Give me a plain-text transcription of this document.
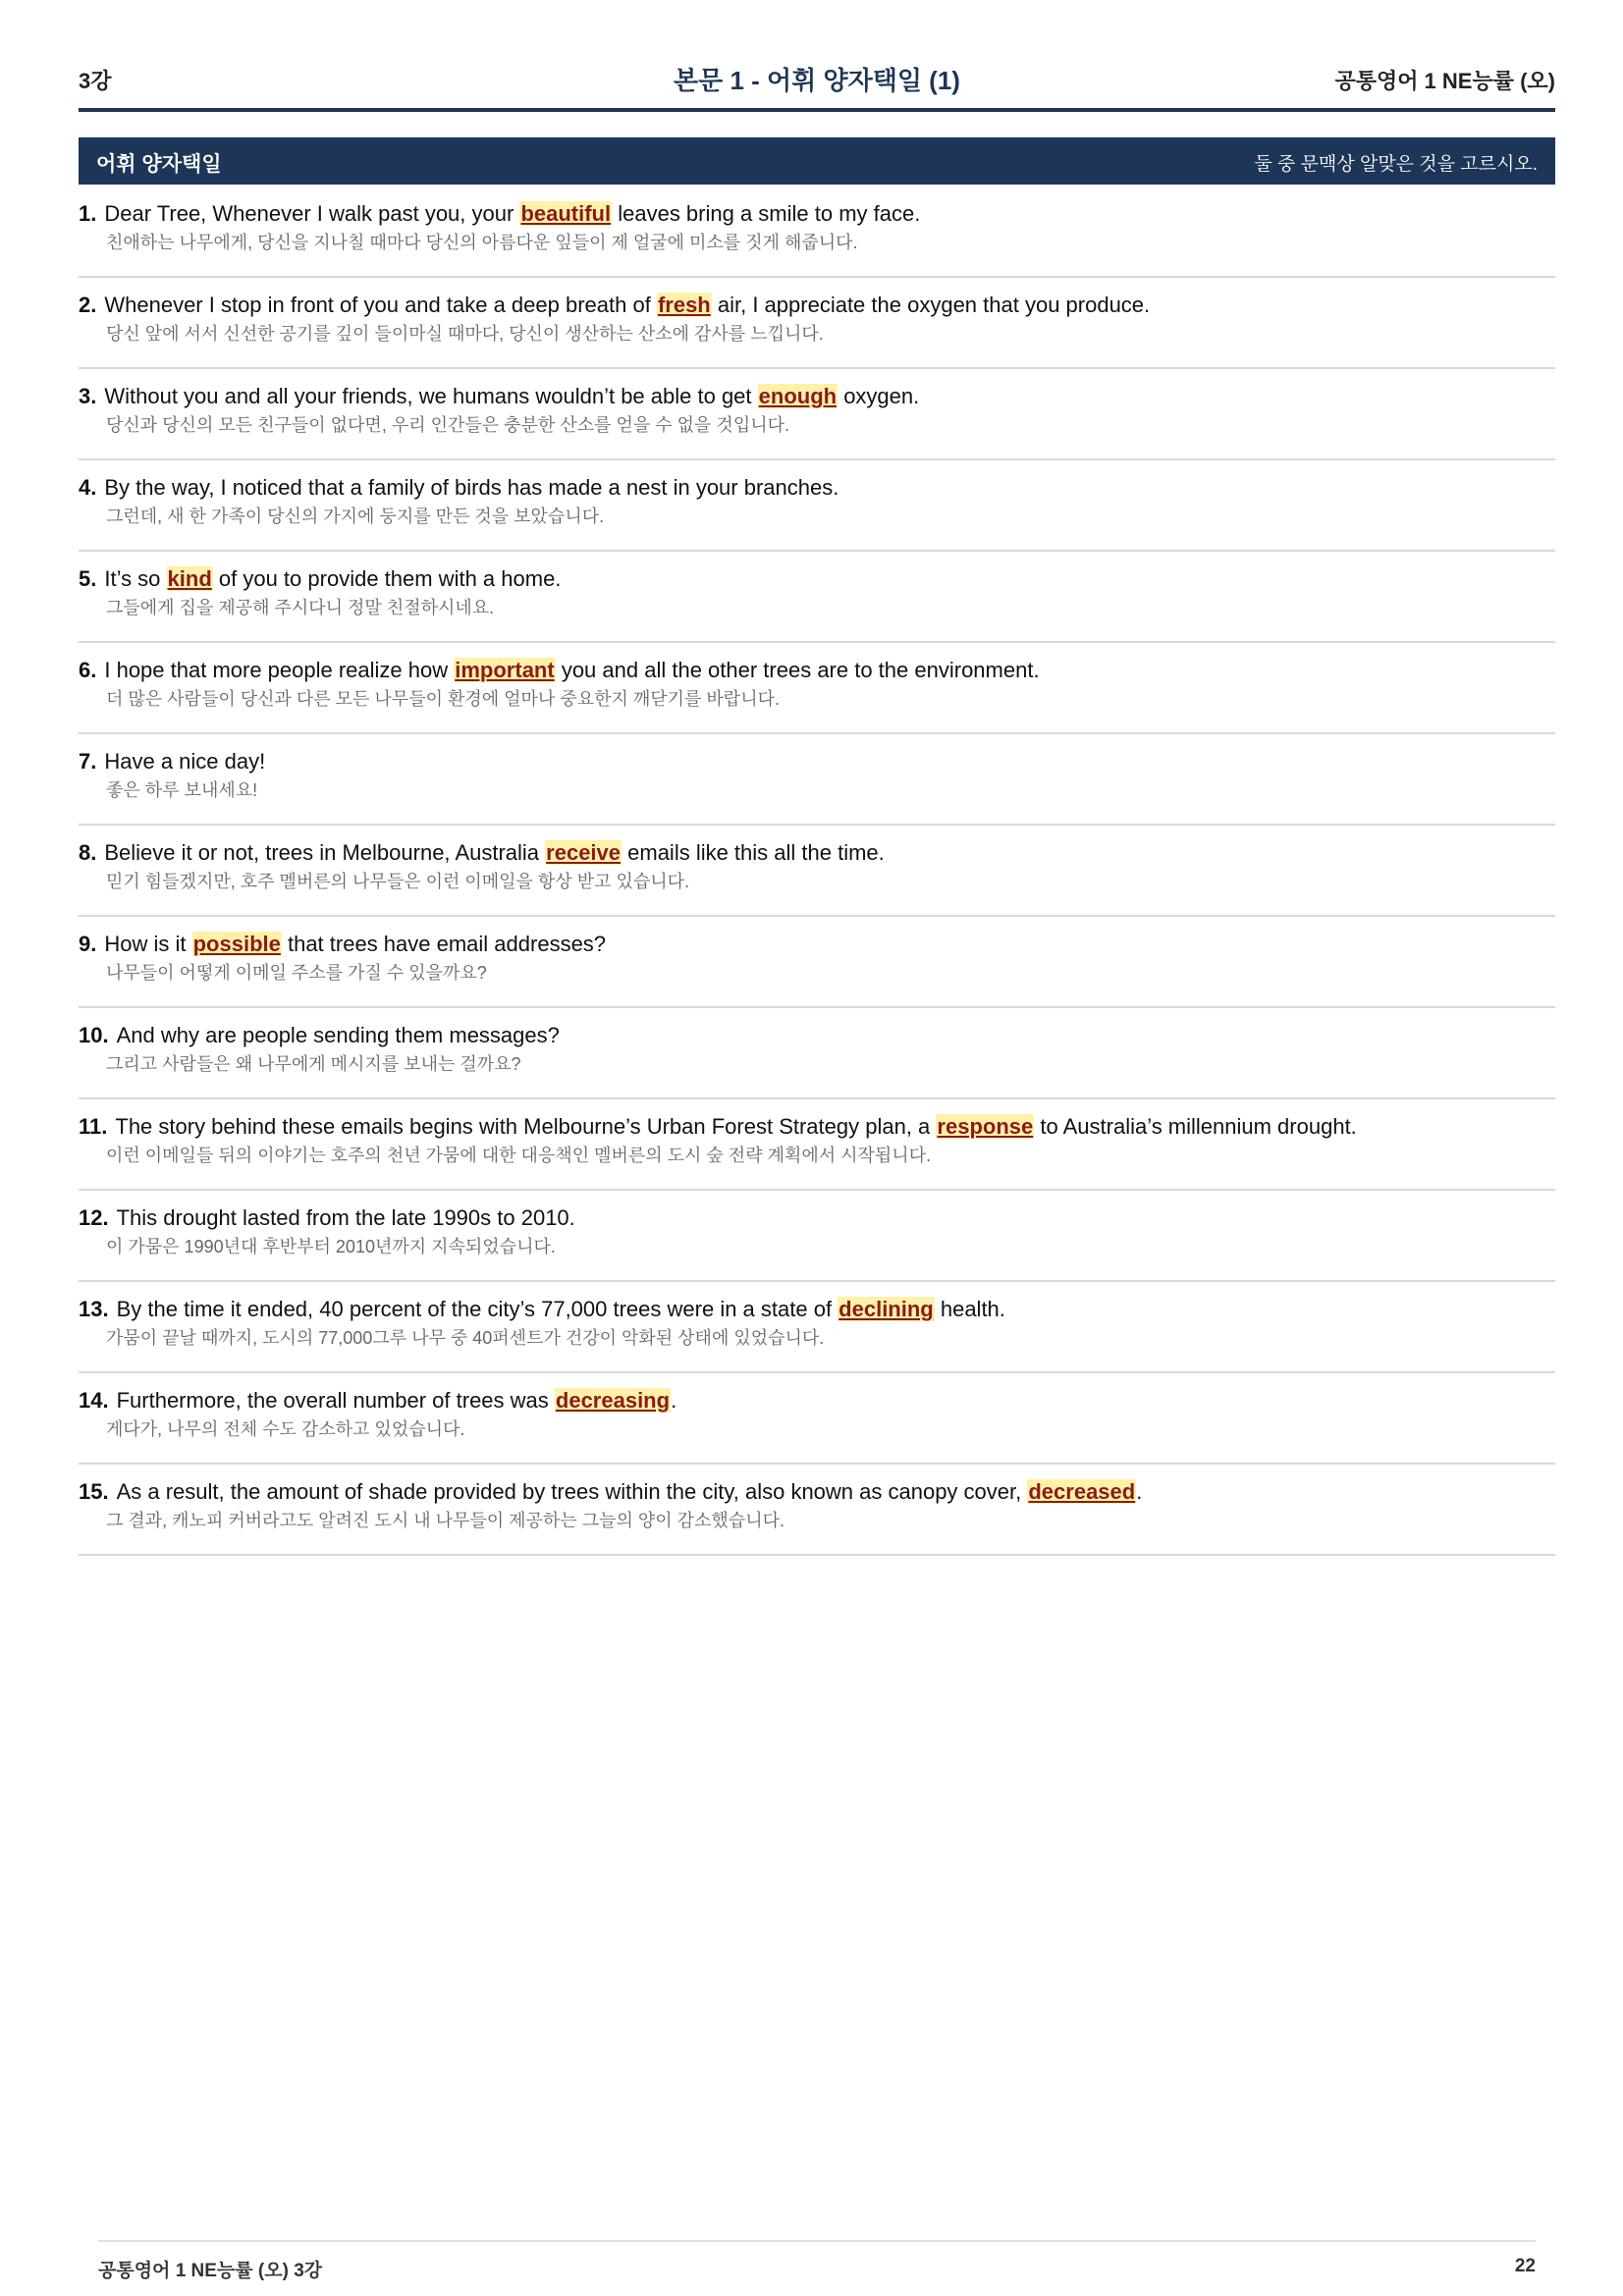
3강	본문 1 - 어휘 양자택일 (1)	공통영어 1 NE능률 (오)
어휘 양자택일	둘 중 문맥상 알맞은 것을 고르시오.
1. Dear Tree, Whenever I walk past you, your beautiful leaves bring a smile to my face.
친애하는 나무에게, 당신을 지나칠 때마다 당신의 아름다운 잎들이 제 얼굴에 미소를 짓게 해줍니다.
2. Whenever I stop in front of you and take a deep breath of fresh air, I appreciate the oxygen that you produce.
당신 앞에 서서 신선한 공기를 깊이 들이마실 때마다, 당신이 생산하는 산소에 감사를 느낍니다.
3. Without you and all your friends, we humans wouldn’t be able to get enough oxygen.
당신과 당신의 모든 친구들이 없다면, 우리 인간들은 충분한 산소를 얻을 수 없을 것입니다.
4. By the way, I noticed that a family of birds has made a nest in your branches.
그런데, 새 한 가족이 당신의 가지에 둥지를 만든 것을 보았습니다.
5. It’s so kind of you to provide them with a home.
그들에게 집을 제공해 주시다니 정말 친절하시네요.
6. I hope that more people realize how important you and all the other trees are to the environment.
더 많은 사람들이 당신과 다른 모든 나무들이 환경에 얼마나 중요한지 깨닫기를 바랍니다.
7. Have a nice day!
좋은 하루 보내세요!
8. Believe it or not, trees in Melbourne, Australia receive emails like this all the time.
믿기 힘들겠지만, 호주 멜버른의 나무들은 이런 이메일을 항상 받고 있습니다.
9. How is it possible that trees have email addresses?
나무들이 어떻게 이메일 주소를 가질 수 있을까요?
10. And why are people sending them messages?
그리고 사람들은 왜 나무에게 메시지를 보내는 걸까요?
11. The story behind these emails begins with Melbourne’s Urban Forest Strategy plan, a response to Australia’s millennium drought.
이런 이메일들 뒤의 이야기는 호주의 천년 가뭄에 대한 대응책인 멜버른의 도시 숲 전략 계획에서 시작됩니다.
12. This drought lasted from the late 1990s to 2010.
이 가뭄은 1990년대 후반부터 2010년까지 지속되었습니다.
13. By the time it ended, 40 percent of the city’s 77,000 trees were in a state of declining health.
가뭄이 끝날 때까지, 도시의 77,000그루 나무 중 40퍼센트가 건강이 악화된 상태에 있었습니다.
14. Furthermore, the overall number of trees was decreasing.
게다가, 나무의 전체 수도 감소하고 있었습니다.
15. As a result, the amount of shade provided by trees within the city, also known as canopy cover, decreased.
그 결과, 캐노피 커버라고도 알려진 도시 내 나무들이 제공하는 그늘의 양이 감소했습니다.
공통영어 1 NE능률 (오) 3강	22
